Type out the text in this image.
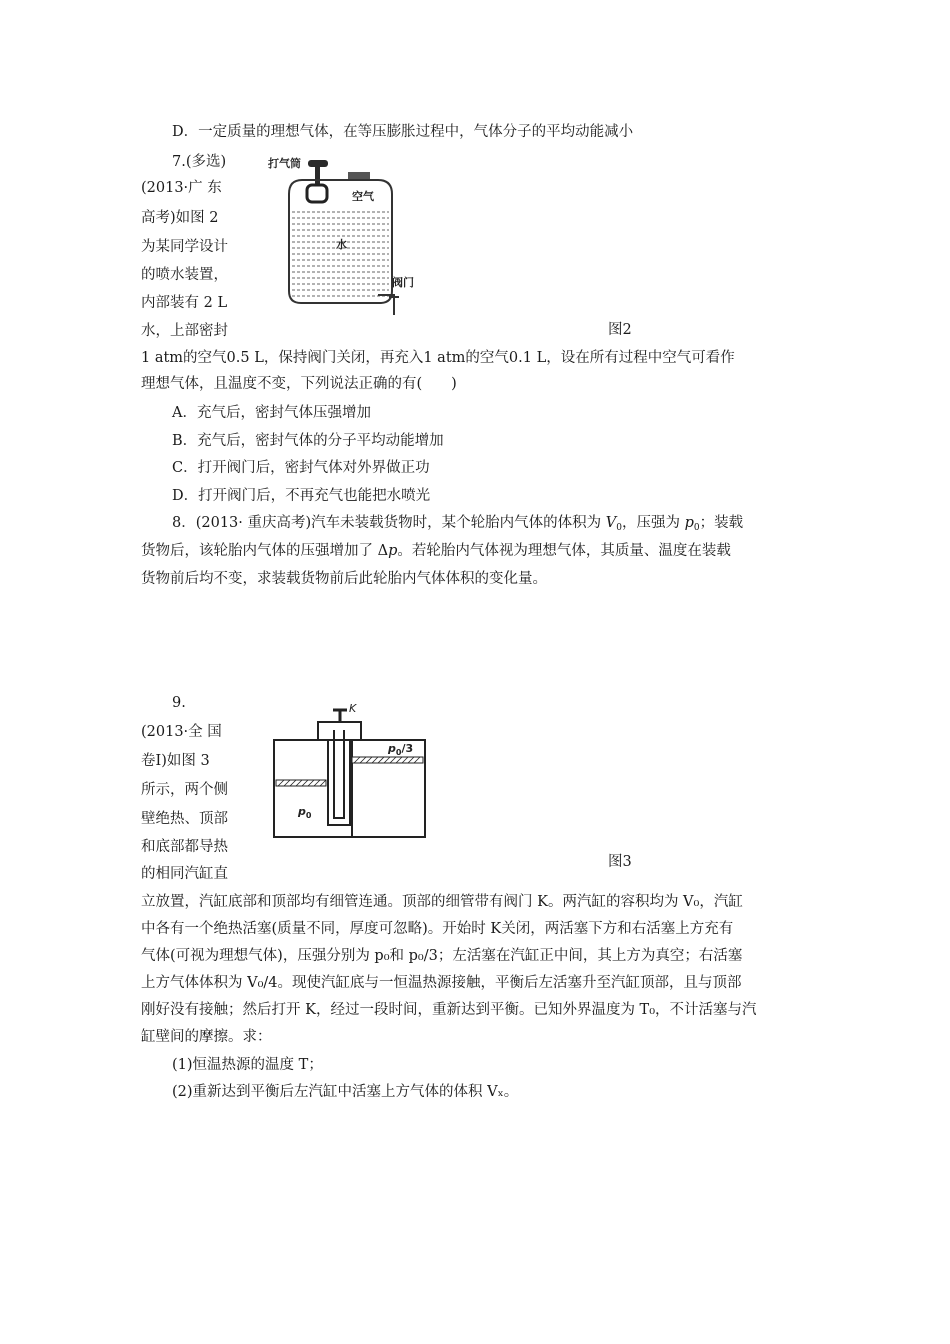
D．一定质量的理想气体，在等压膨胀过程中，气体分子的平均动能减小
7.(多选)
(2013·广 东
高考)如图 2
为某同学设计
的喷水装置，
内部装有 2 L
水，上部密封
打气筒
空气
水
阀门
图2
1 atm的空气0.5 L，保持阀门关闭，再充入1 atm的空气0.1 L，设在所有过程中空气可看作
理想气体，且温度不变，下列说法正确的有(　　)
A．充气后，密封气体压强增加
B．充气后，密封气体的分子平均动能增加
C．打开阀门后，密封气体对外界做正功
D．打开阀门后，不再充气也能把水喷光
8．(2013· 重庆高考)汽车未装载货物时，某个轮胎内气体的体积为 $V_0$，压强为 $p_0$；装载
货物后，该轮胎内气体的压强增加了 Δp。若轮胎内气体视为理想气体，其质量、温度在装载
货物前后均不变，求装载货物前后此轮胎内气体体积的变化量。
9.
(2013·全 国
卷Ⅰ)如图 3
所示，两个侧
壁绝热、顶部
和底部都导热
的相同汽缸直
K
$p_0/3$
$p_0$
图3
立放置，汽缸底部和顶部均有细管连通。顶部的细管带有阀门 K。两汽缸的容积均为 V₀，汽缸
中各有一个绝热活塞(质量不同，厚度可忽略)。开始时 K关闭，两活塞下方和右活塞上方充有
气体(可视为理想气体)，压强分别为 p₀和 p₀/3；左活塞在汽缸正中间，其上方为真空；右活塞
上方气体体积为 V₀/4。现使汽缸底与一恒温热源接触，平衡后左活塞升至汽缸顶部，且与顶部
刚好没有接触；然后打开 K，经过一段时间，重新达到平衡。已知外界温度为 T₀，不计活塞与汽
缸壁间的摩擦。求：
(1)恒温热源的温度 T；
(2)重新达到平衡后左汽缸中活塞上方气体的体积 Vₓ。
